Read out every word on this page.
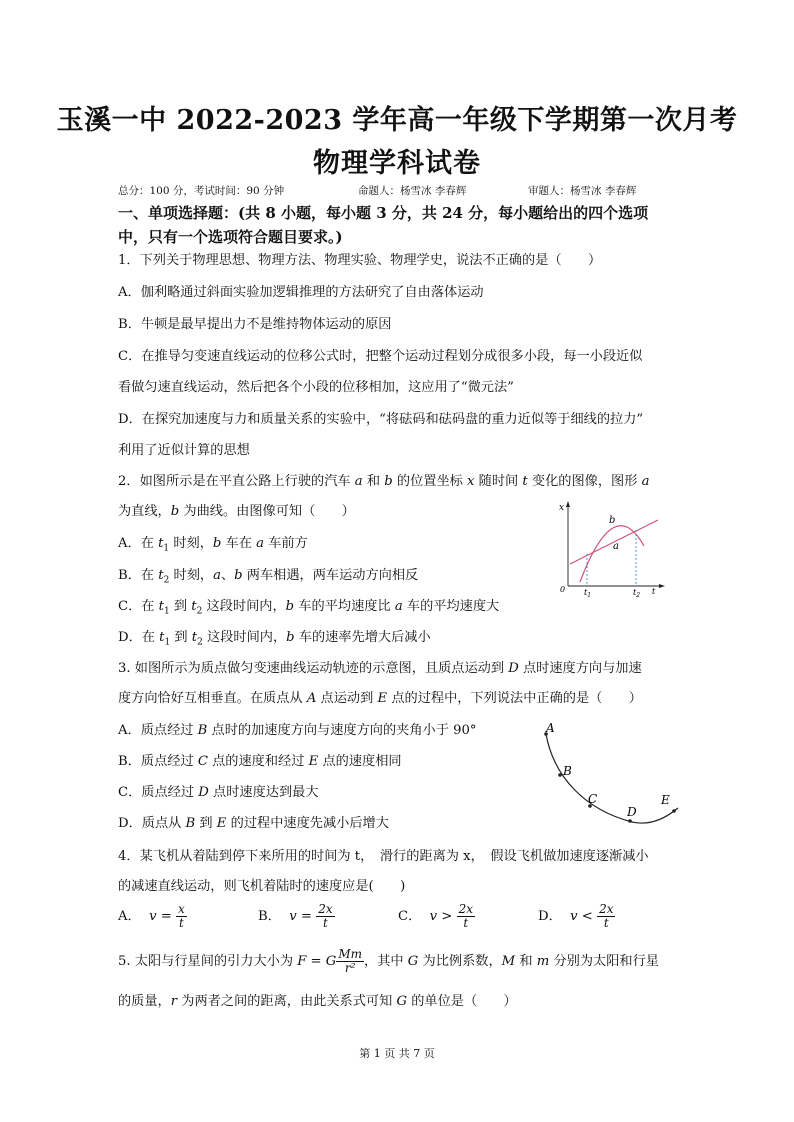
玉溪一中 2022-2023 学年高一年级下学期第一次月考
物理学科试卷
总分：100 分，考试时间：90 分钟	命题人：杨雪冰 李春辉	审题人：杨雪冰 李春辉
一、单项选择题：(共 8 小题，每小题 3 分，共 24 分，每小题给出的四个选项中，只有一个选项符合题目要求。)
1．下列关于物理思想、物理方法、物理实验、物理学史，说法不正确的是（　　）
A．伽利略通过斜面实验加逻辑推理的方法研究了自由落体运动
B．牛顿是最早提出力不是维持物体运动的原因
C．在推导匀变速直线运动的位移公式时，把整个运动过程划分成很多小段，每一小段近似
看做匀速直线运动，然后把各个小段的位移相加，这应用了“微元法”
D．在探究加速度与力和质量关系的实验中，“将砝码和砝码盘的重力近似等于细线的拉力”
利用了近似计算的思想
2．如图所示是在平直公路上行驶的汽车 a 和 b 的位置坐标 x 随时间 t 变化的图像，图形 a
为直线，b 为曲线。由图像可知（　　）
A．在 $t_1$ 时刻，b 车在 a 车前方
B．在 $t_2$ 时刻，a、b 两车相遇，两车运动方向相反
C．在 $t_1$ 到 $t_2$ 这段时间内，b 车的平均速度比 a 车的平均速度大
D．在 $t_1$ 到 $t_2$ 这段时间内，b 车的速率先增大后减小
x
b
a
0 $t_1$	$t_2$ t
3. 如图所示为质点做匀变速曲线运动轨迹的示意图，且质点运动到 D 点时速度方向与加速
度方向恰好互相垂直。在质点从 A 点运动到 E 点的过程中，下列说法中正确的是（　　）
A．质点经过 B 点时的加速度方向与速度方向的夹角小于 90°
B．质点经过 C 点的速度和经过 E 点的速度相同
C．质点经过 D 点时速度达到最大
D．质点从 B 到 E 的过程中速度先减小后增大
A
B
C
D
E
4．某飞机从着陆到停下来所用的时间为 t，　滑行的距离为 x，　假设飞机做加速度逐渐减小
的减速直线运动，则飞机着陆时的速度应是(　　)
A． $v = \frac{x}{t}$	B． $v = \frac{2x}{t}$	C． $v > \frac{2x}{t}$	D． $v < \frac{2x}{t}$
5. 太阳与行星间的引力大小为 F = G $\frac{Mm}{\text{r²}}$ ，其中 G 为比例系数，M 和 m 分别为太阳和行星
的质量，r 为两者之间的距离，由此关系式可知 G 的单位是（　　）
第 1 页 共 7 页
